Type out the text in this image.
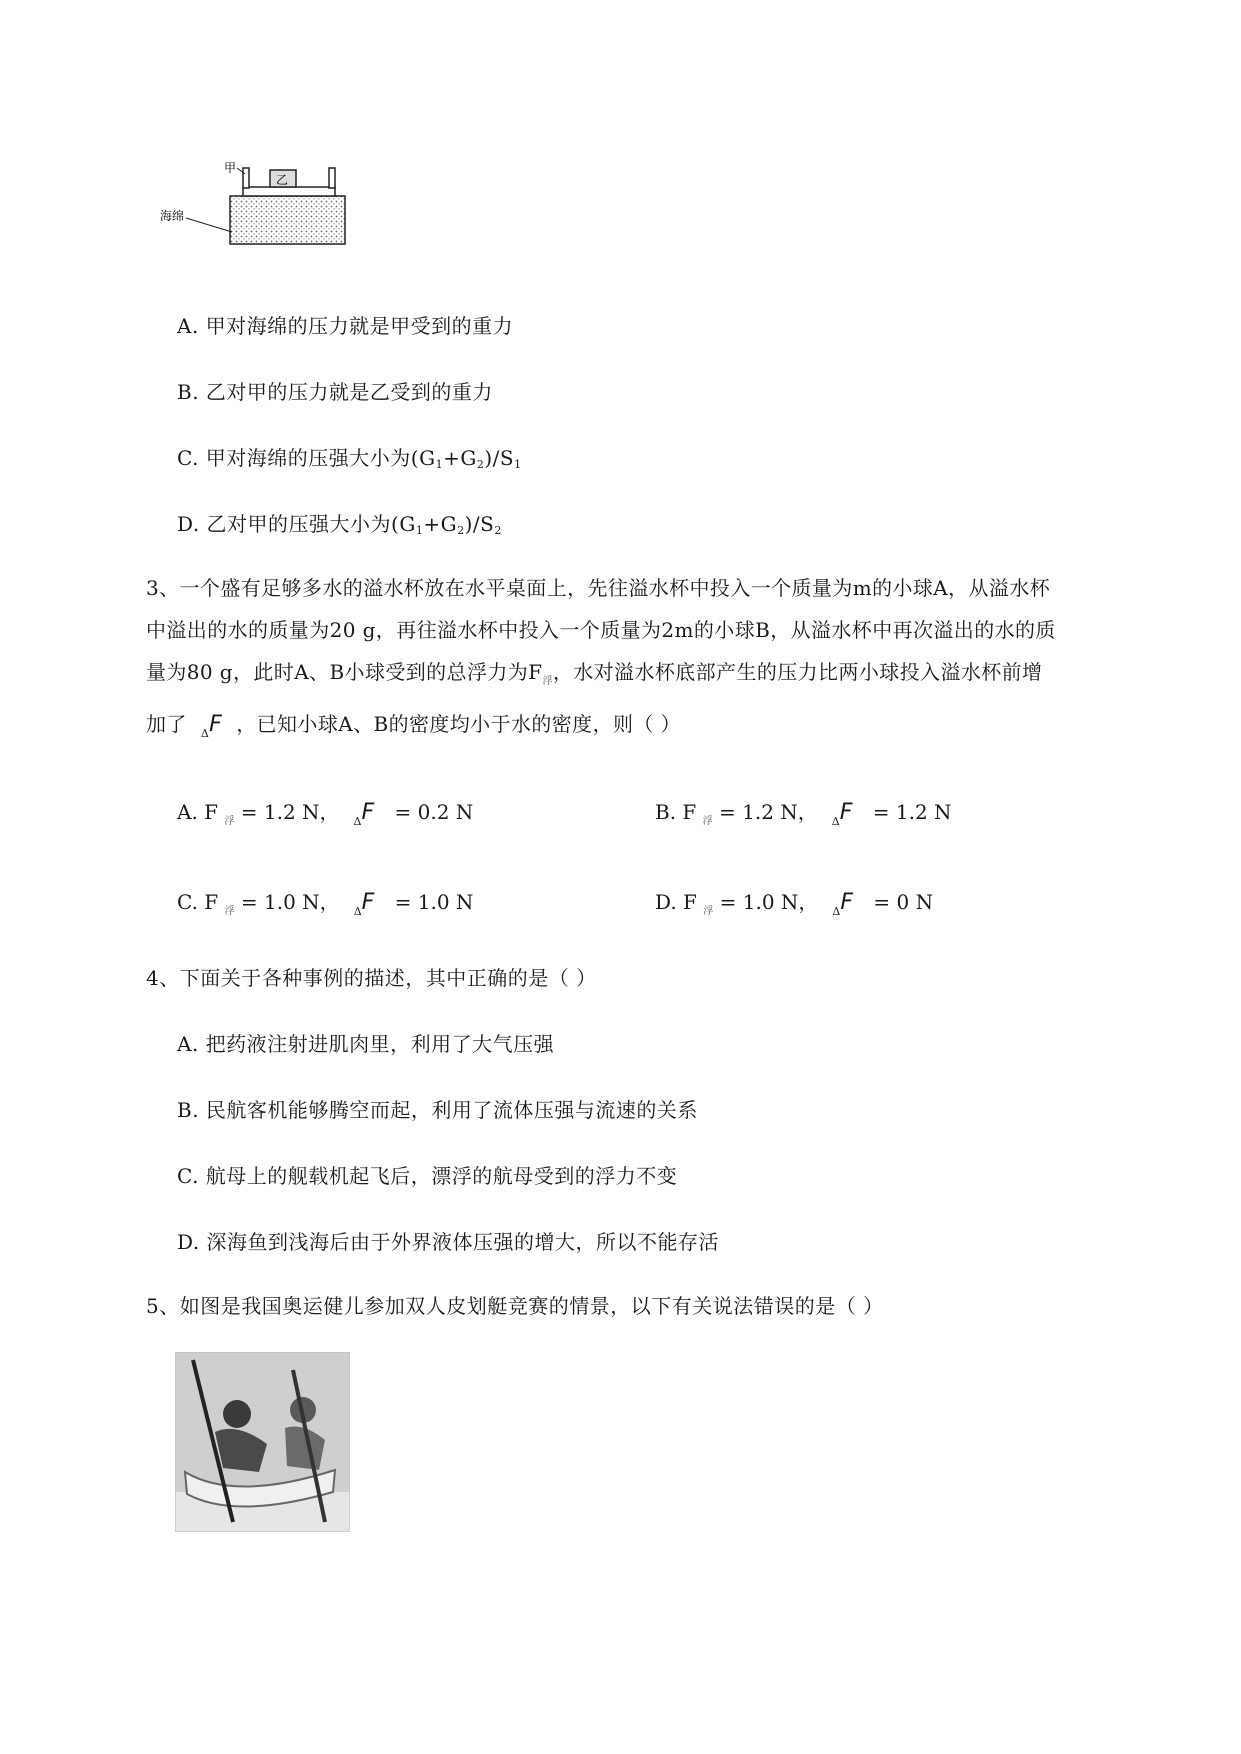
乙
甲
海绵
A. 甲对海绵的压力就是甲受到的重力
B. 乙对甲的压力就是乙受到的重力
C. 甲对海绵的压强大小为$(G_1+G_2)/S_1$
D. 乙对甲的压强大小为$(G_1+G_2)/S_2$
3、一个盛有足够多水的溢水杯放在水平桌面上，先往溢水杯中投入一个质量为m的小球A，从溢水杯
中溢出的水的质量为20 g，再往溢水杯中投入一个质量为2m的小球B，从溢水杯中再次溢出的水的质
量为80 g，此时A、B小球受到的总浮力为$F_浮$，水对溢水杯底部产生的压力比两小球投入溢水杯前增
加了 $_\Delta$F ，已知小球A、B的密度均小于水的密度，则（ ）
A. F $_浮$ = 1.2 N， $_\Delta$F = 0.2 N	B. F $_浮$ = 1.2 N， $_\Delta$F = 1.2 N
C. F $_浮$ = 1.0 N， $_\Delta$F = 1.0 N	D. F $_浮$ = 1.0 N， $_\Delta$F = 0 N
4、下面关于各种事例的描述，其中正确的是（ ）
A. 把药液注射进肌肉里，利用了大气压强
B. 民航客机能够腾空而起，利用了流体压强与流速的关系
C. 航母上的舰载机起飞后，漂浮的航母受到的浮力不变
D. 深海鱼到浅海后由于外界液体压强的增大，所以不能存活
5、如图是我国奥运健儿参加双人皮划艇竞赛的情景，以下有关说法错误的是（ ）
